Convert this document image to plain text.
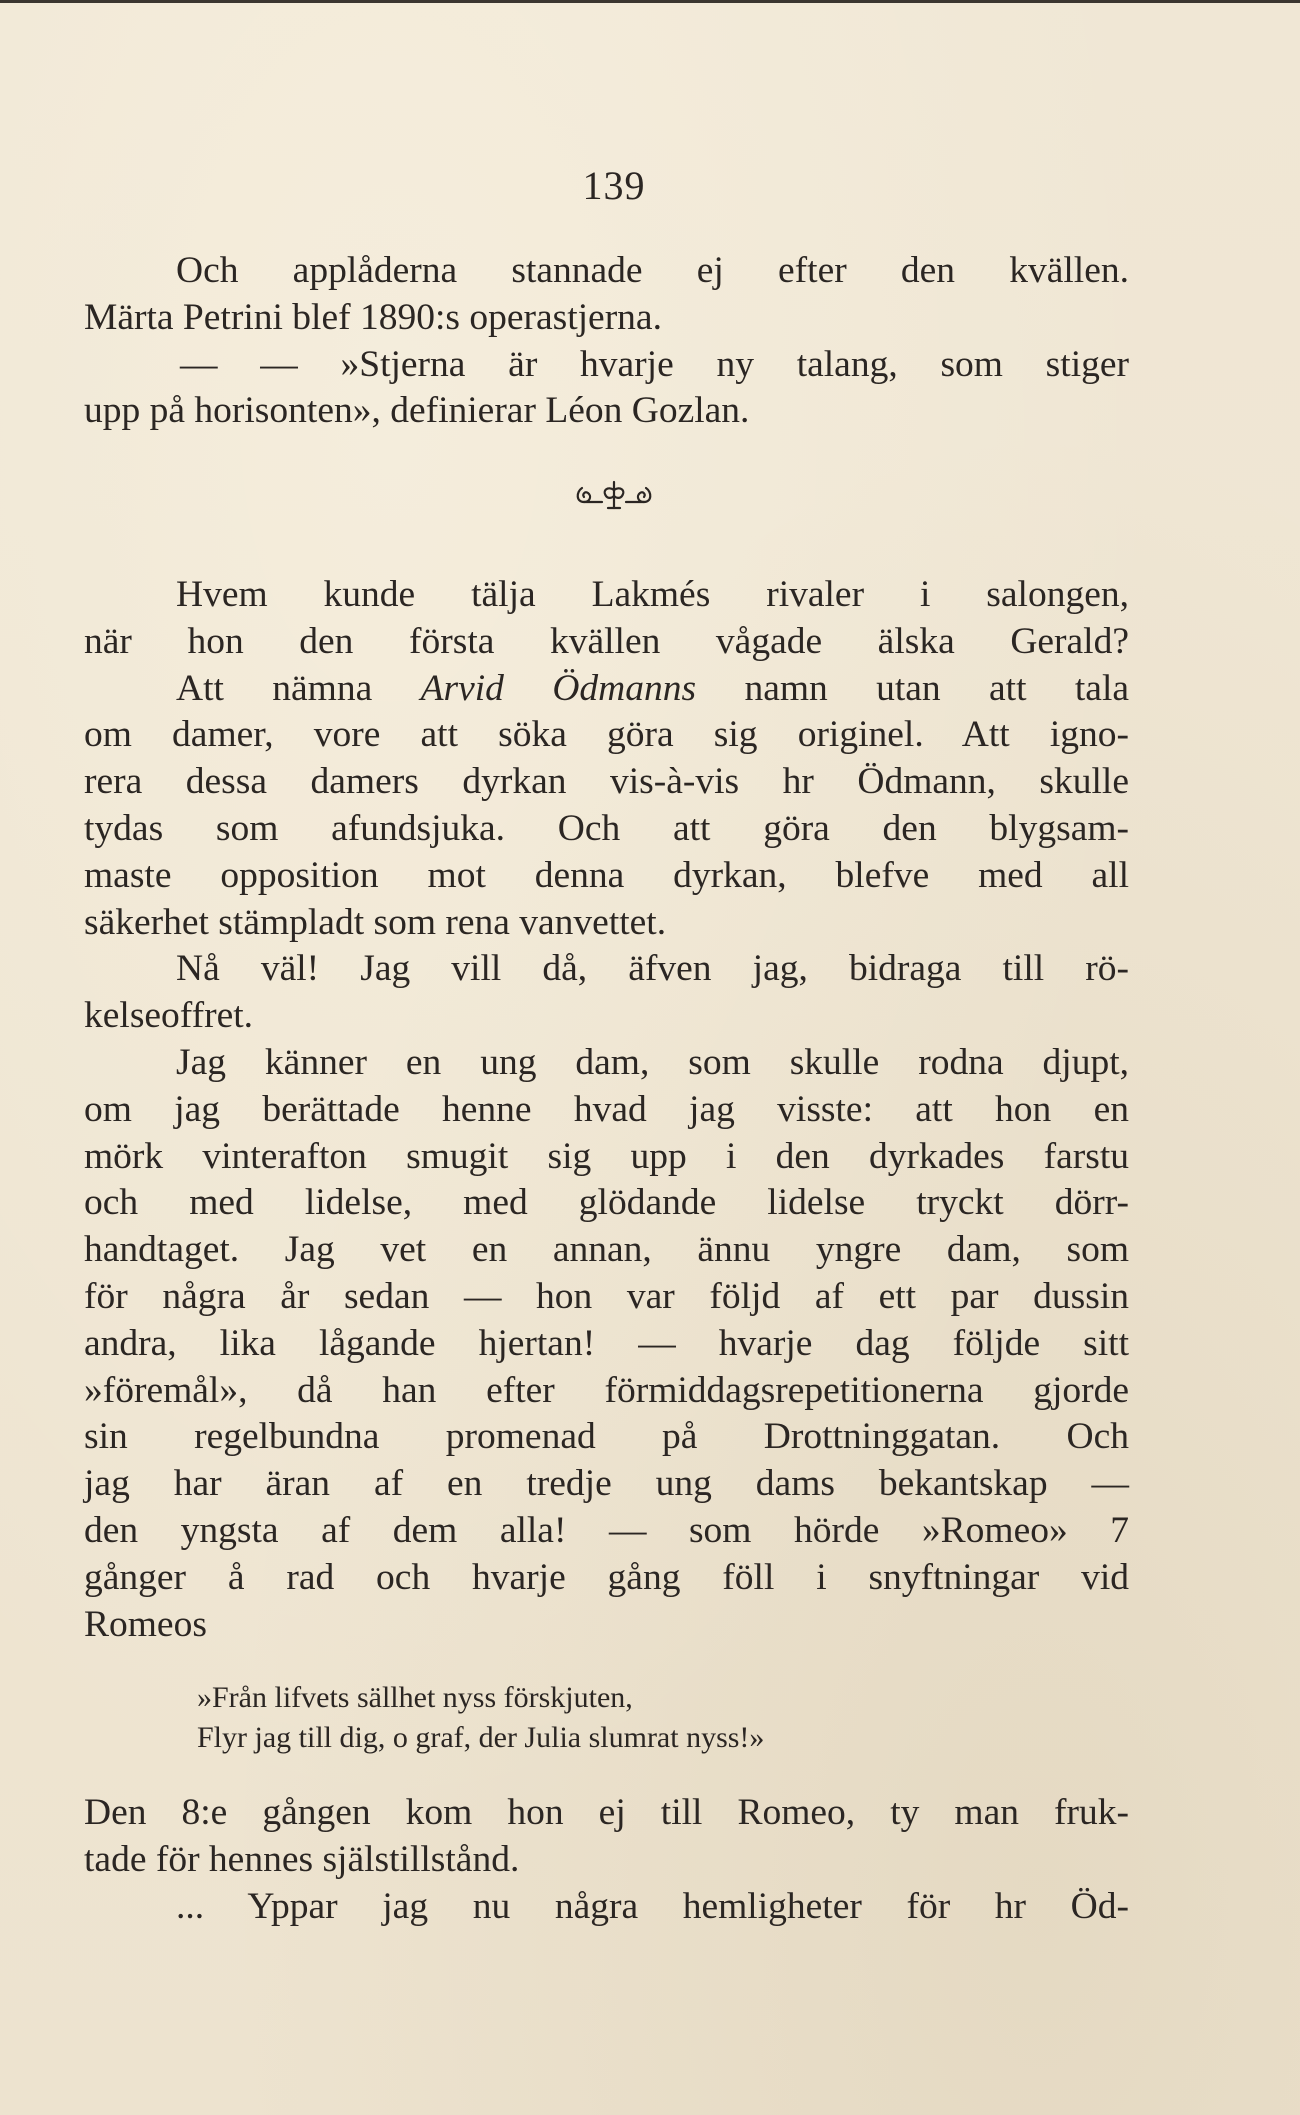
139
Och applåderna stannade ej efter den kvällen.
Märta Petrini blef 1890:s operastjerna.
— — »Stjerna är hvarje ny talang, som stiger
upp på horisonten», definierar Léon Gozlan.
Hvem kunde tälja Lakmés rivaler i salongen,
när hon den första kvällen vågade älska Gerald?
Att nämna Arvid Ödmanns namn utan att tala
om damer, vore att söka göra sig originel. Att igno-
rera dessa damers dyrkan vis-à-vis hr Ödmann, skulle
tydas som afundsjuka. Och att göra den blygsam-
maste opposition mot denna dyrkan, blefve med all
säkerhet stämpladt som rena vanvettet.
Nå väl! Jag vill då, äfven jag, bidraga till rö-
kelseoffret.
Jag känner en ung dam, som skulle rodna djupt,
om jag berättade henne hvad jag visste: att hon en
mörk vinterafton smugit sig upp i den dyrkades farstu
och med lidelse, med glödande lidelse tryckt dörr-
handtaget. Jag vet en annan, ännu yngre dam, som
för några år sedan — hon var följd af ett par dussin
andra, lika lågande hjertan! — hvarje dag följde sitt
»föremål», då han efter förmiddagsrepetitionerna gjorde
sin regelbundna promenad på Drottninggatan. Och
jag har äran af en tredje ung dams bekantskap —
den yngsta af dem alla! — som hörde »Romeo» 7
gånger å rad och hvarje gång föll i snyftningar vid
Romeos
»Från lifvets sällhet nyss förskjuten,
Flyr jag till dig, o graf, der Julia slumrat nyss!»
Den 8:e gången kom hon ej till Romeo, ty man fruk-
tade för hennes själstillstånd.
... Yppar jag nu några hemligheter för hr Öd-
